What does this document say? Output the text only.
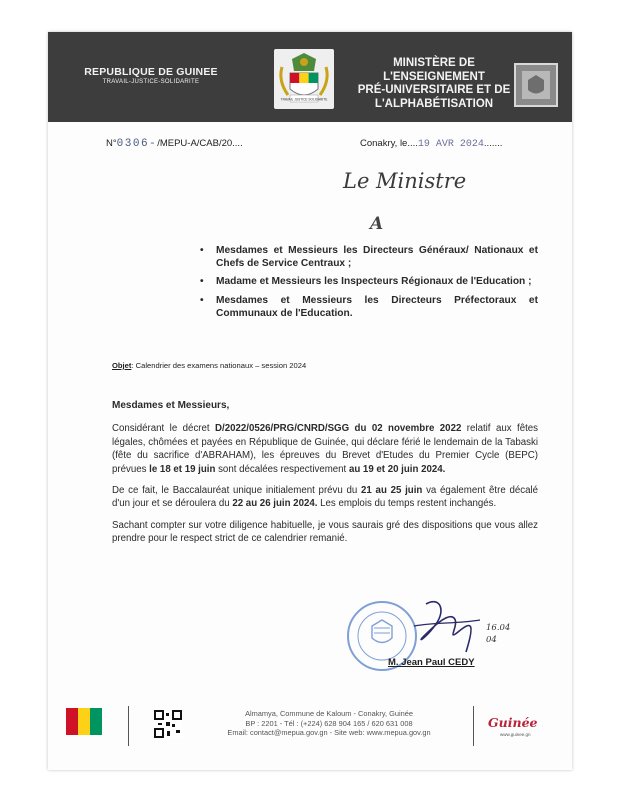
REPUBLIQUE DE GUINEE
TRAVAIL-JUSTICE-SOLIDARITE
TRAVAIL JUSTICE SOLIDARITE
MINISTÈRE DE L'ENSEIGNEMENT
PRÉ-UNIVERSITAIRE ET DE
L'ALPHABÉTISATION
N°0306-/MEPU-A/CAB/20....	Conakry, le....19 AVR 2024.......
Le Ministre
A
• Mesdames et Messieurs les Directeurs Généraux/ Nationaux et Chefs de Service Centraux ;
• Madame et Messieurs les Inspecteurs Régionaux de l'Education ;
• Mesdames et Messieurs les Directeurs Préfectoraux et Communaux de l'Education.
Objet: Calendrier des examens nationaux – session 2024

Mesdames et Messieurs,

Considérant le décret D/2022/0526/PRG/CNRD/SGG du 02 novembre 2022 relatif aux fêtes légales, chômées et payées en République de Guinée, qui déclare férié le lendemain de la Tabaski (fête du sacrifice d'ABRAHAM), les épreuves du Brevet d'Etudes du Premier Cycle (BEPC) prévues le 18 et 19 juin sont décalées respectivement au 19 et 20 juin 2024.

De ce fait, le Baccalauréat unique initialement prévu du 21 au 25 juin va également être décalé d'un jour et se déroulera du 22 au 26 juin 2024. Les emplois du temps restent inchangés.

Sachant compter sur votre diligence habituelle, je vous saurais gré des dispositions que vous allez prendre pour le respect strict de ce calendrier remanié.

16.04
04
M. Jean Paul CEDY
Almamya, Commune de Kaloum - Conakry, Guinée
BP : 2201 - Tél : (+224) 628 904 165 / 620 631 008
Email: contact@mepua.gov.gn - Site web: www.mepua.gov.gn
Guinée
www.guinee.gn
